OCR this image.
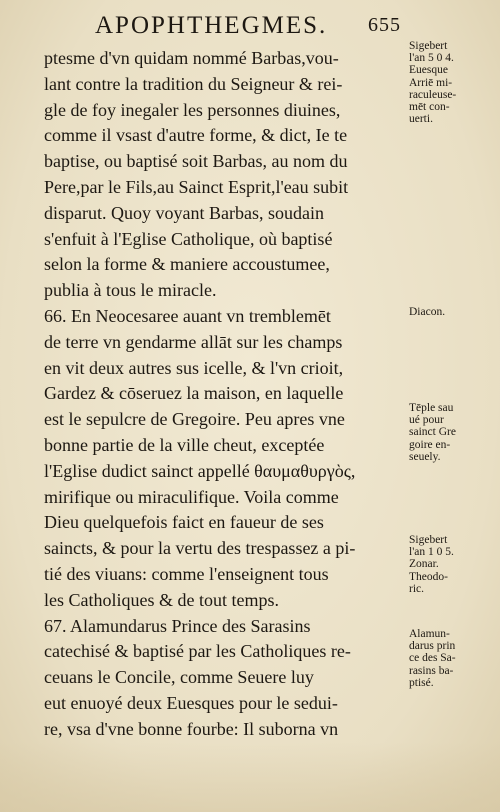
APOPHTHEGMES. 655
ptesme d'vn quidam nommé Barbas,vou-
lant contre la tradition du Seigneur & rei-
gle de foy inegaler les personnes diuines,
comme il vsast d'autre forme, & dict, Ie te
baptise, ou baptisé soit Barbas, au nom du
Pere,par le Fils,au Sainct Esprit,l'eau subit
disparut. Quoy voyant Barbas, soudain
s'enfuit à l'Eglise Catholique, où baptisé
selon la forme & maniere accoustumee,
publia à tous le miracle.
66. En Neocesaree auant vn tremblemēt
de terre vn gendarme allāt sur les champs
en vit deux autres sus icelle, & l'vn crioit,
Gardez & cōseruez la maison, en laquelle
est le sepulcre de Gregoire. Peu apres vne
bonne partie de la ville cheut, exceptée
l'Eglise dudict sainct appellé θαυμαθυργὸς,
mirifique ou miraculifique. Voila comme
Dieu quelquefois faict en faueur de ses
saincts, & pour la vertu des trespassez a pi-
tié des viuans: comme l'enseignent tous
les Catholiques & de tout temps.
67. Alamundarus Prince des Sarasins
catechisé & baptisé par les Catholiques re-
ceuans le Concile, comme Seuere luy
eut enuoyé deux Euesques pour le sedui-
re, vsa d'vne bonne fourbe: Il suborna vn
Sigebert
l'an 5 0 4.
Euesque
Arriē mi-
raculeuse-
mēt con-
uerti.
Diacon.
Tēple sau
ué pour
sainct Gre
goire en-
seuely.
Sigebert
l'an 1 0 5.
Zonar.
Theodo-
ric.
Alamun-
darus prin
ce des Sa-
rasins ba-
ptisé.
